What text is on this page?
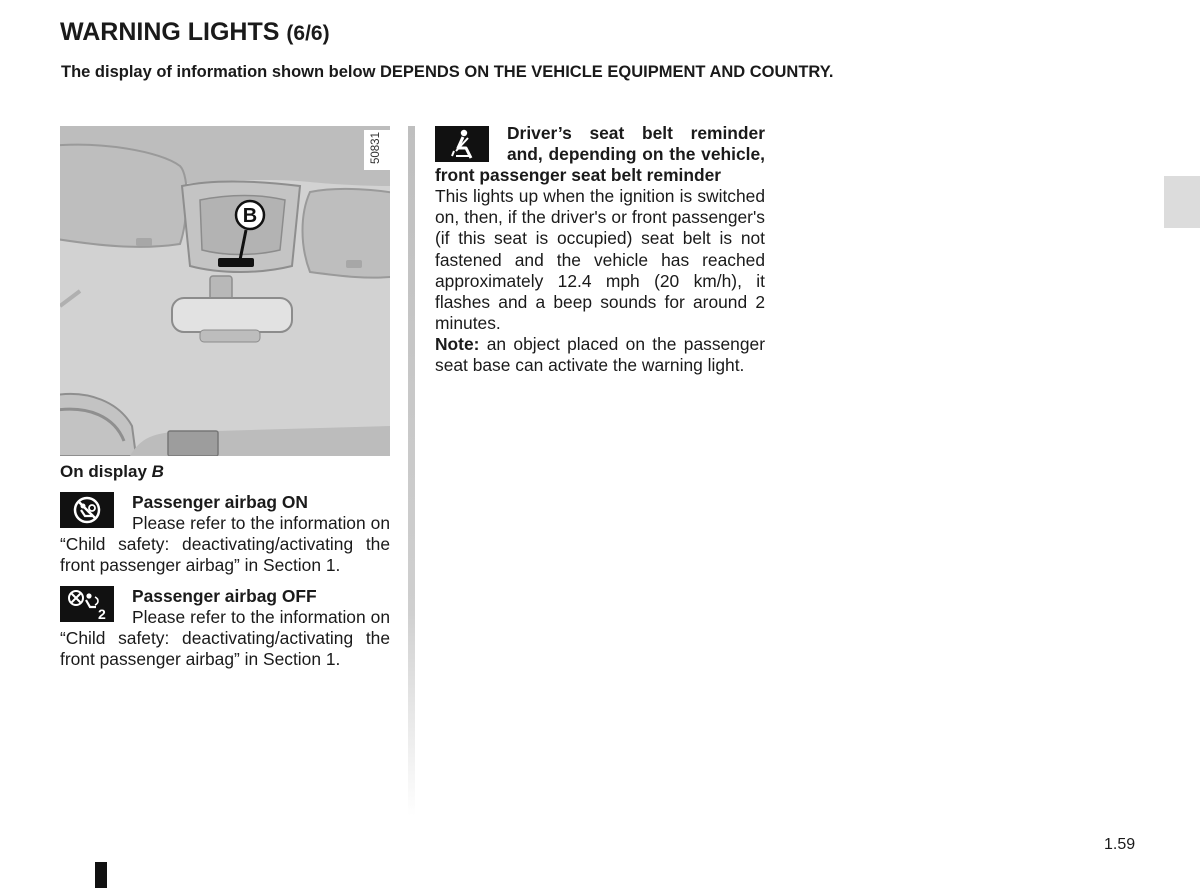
WARNING LIGHTS (6/6)

The display of information shown below DEPENDS ON THE VEHICLE EQUIPMENT AND COUNTRY.

B
50831
On display B
Passenger airbag ON
Please refer to the information on “Child safety: deactivating/activating the front passenger airbag” in Section 1.
2
Passenger airbag OFF
Please refer to the information on “Child safety: deactivating/activating the front passenger airbag” in Section 1.
Driver’s seat belt reminder and, depending on the vehicle, front passenger seat belt reminder
This lights up when the ignition is switched on, then, if the driver's or front passenger's (if this seat is occupied) seat belt is not fastened and the vehicle has reached approximately 12.4 mph (20 km/h), it flashes and a beep sounds for around 2 minutes.
Note: an object placed on the passenger seat base can activate the warning light.
1.59
